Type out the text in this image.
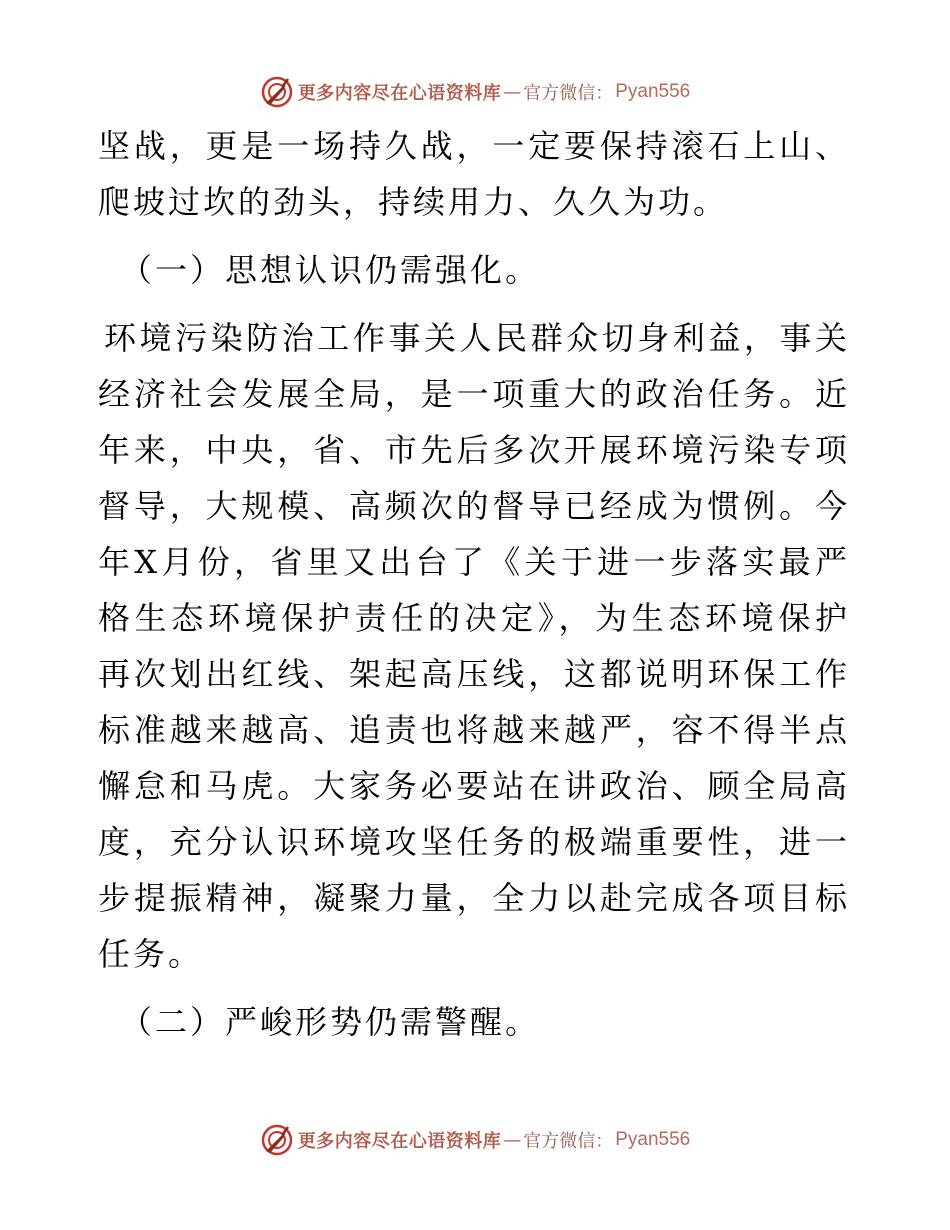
更多内容尽在心语资料库 — 官方微信： Pyan556

坚战，更是一场持久战，一定要保持滚石上山、爬坡过坎的劲头，持续用力、久久为功。

（一）思想认识仍需强化。

环境污染防治工作事关人民群众切身利益，事关经济社会发展全局，是一项重大的政治任务。近年来，中央，省、市先后多次开展环境污染专项督导，大规模、高频次的督导已经成为惯例。今年X月份，省里又出台了《关于进一步落实最严格生态环境保护责任的决定》，为生态环境保护再次划出红线、架起高压线，这都说明环保工作标准越来越高、追责也将越来越严，容不得半点懈怠和马虎。大家务必要站在讲政治、顾全局高度，充分认识环境攻坚任务的极端重要性，进一步提振精神，凝聚力量，全力以赴完成各项目标任务。

（二）严峻形势仍需警醒。

更多内容尽在心语资料库 — 官方微信： Pyan556
